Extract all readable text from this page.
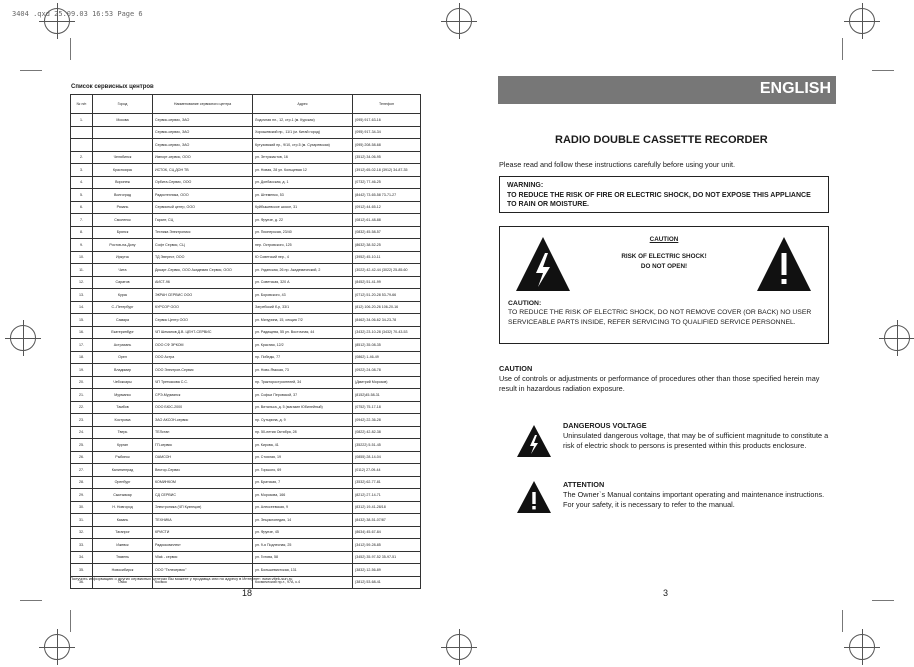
3404 .qxd 25.09.03 16:53 Page 6
Список сервисных центров
№ п/п	Город	Наименование сервисного центра	Адрес	Телефон
1.	Москва	Сервис-сервис, ЗАО	Лодочная пл., 12, стр.1 (м. Курская)	(095) 917-63-16
		Сервис-сервис, ЗАО	Хорошевский пр., 11/1 (м. Китай город)	(095) 917-34-34
		Сервис-сервис, ЗАО	Кутузовский пр., 9/10, стр.5 (м. Сухаревская)	(095) 208-58-68
2.	Челябинск	Импорт-сервис, ООО	ул. Энтузиастов, 16	(3512) 34-06-95
3.	Красноярск	ИСТОК, СЦ ДОН ТВ	ул. Новая, 28 ул. Кольцевая 12	(3912) 65-02-18 (3912) 34-87-35
4.	Воронеж	Орбита-Сервис, ООО	ул. Донбасская, д. 1	(0732) 77-46-25
5.	Волгоград	Радиотехника, ООО	ул. Штеменко, 53	(8442) 73-65-58 73-71-27
6.	Рязань	Сервисный центр, ООО	Куйбышевское шоссе, 31	(0912) 44-65-12
7.	Смоленск	Гарант, СЦ	ул. Фрунзе, д. 22	(0812) 61-48-88
8.	Брянск	Техника Электроникс	ул. Пионерская, 23/40	(0832) 45-58-57
9.	Ростов-на-Дону	Софт Сервис, СЦ	пер. Островского, 125	(8632) 38-52-25
10.	Иркутск	ТД Эверест, ООО	Ю Советский пер., 4	(3952) 45-10-11
11.	Чита	Дикарт-Сервис, ООО Академия Сервис, ООО	ул. Угданская, 26 пр. Академический, 2	(3022) 42-42-44 (3022) 25-85-60
12.	Саратов	АИСТ-96	ул. Советская, 320 А	(8452) 51-41-99
13.	Курск	ЭКРАН СЕРВИС ООО	ул. Боровского, 43	(0712) 51-20-28 53-79-66
14.	С.-Петербург	КУРСОР ООО	Загребский б-р, 33/1	(812) 106-20-26 106-20-16
15.	Самара	Сервис Центр ООО	ул. Мичурина, 15, секция 7/2	(8462) 34-06-62 34-23-78
16.	Екатеринбург	ЧП Шеманов Д.В. ЦЕНТ-СЕРВИС	ул. Радищева, 55 ул. Восточная, 44	(3432) 23-10-28 (3432) 70-43-53
17.	Астрахань	ООО СФ ЭРКОМ	ул. Красная, 12/2	(8512) 35-08-35
18.	Орел	ООО Астра	пр. Победы, 77	(0862) 1-46-49
19.	Владимир	ООО Электрон-Сервис	ул. Ново-Ямская, 73	(0922) 24-08-78
20.	Чебоксары	ЧП Третьякова С.С.	пр. Тракторостроителей, 34	(Дмитрий Морозов)
21.	Мурманск	СРЭ-Мурманск	ул. Софьи Перовской, 37	(8152)45-58-31
22.	Тамбов	ООО БЮС-2000	ул. Витальса, д. 5 (магазин Юбилейный)	(0752) 75-17-18
23.	Кострома	ЗАО АКСОН-сервис	пр. Сутырина, д. 9	(0942) 22-36-28
24.	Тверь	ТЕЛстан	пр. 50-летия Октября, 28	(0822) 42-82-38
25.	Курган	ГП-сервис	ул. Кирова, 41	(35222) 5-51-45
26.	Рыбинск	ОАМСОН	ул. Стоялая, 19	(0855) 28-14-04
27.	Калининград	Вектор-Сервис	ул. Горького, 69	(0112) 27-09-44
28.	Оренбург	КОМИНКОМ	ул. Братская, 7	(3532) 62-77-81
29.	Сыктывкар	СД СЕРВИС	ул. Морозова, 166	(8212) 27-14-71
30.	Н. Новгород	Электроника (ЧП Кузнецов)	ул. Алексеевская, 9	(8312) 19-41-28/18
31.	Казань	ТЕХНИКА	ул. Энциклопедия, 14	(8432) 38-51-07/87
32.	Таганрог	КРИСТИ	ул. Фрунзе, 45	(8634) 45-67-84
33.	Ижевск	Радиокомплект	ул. 9-я Подлесная, 25	(3412) 59-28-85
34.	Тюмень	Vilak - сервис	ул. Гитова, 58	(3452) 35-97-52 35-97-51
35.	Новосибирск	ООО "Телесервис"	ул. Большевистская, 131	(3832) 12-56-89
36.	Омск	Космос	Космический пр-т., 97А, к.4	(3812) 53-68-41
Получить информацию о других сервисных центрах Вы можете у продавца или по адресу в Интернет: www.vitek-sun.ru
18
ENGLISH
RADIO DOUBLE CASSETTE RECORDER
Please read and follow these instructions carefully before using your unit.
WARNING:
TO REDUCE THE RISK OF FIRE OR ELECTRIC SHOCK, DO NOT EXPOSE THIS APPLIANCE TO RAIN OR MOISTURE.
CAUTION
RISK OF ELECTRIC SHOCK!
DO NOT OPEN!
CAUTION:
TO REDUCE THE RISK OF ELECTRIC SHOCK, DO NOT REMOVE COVER (OR BACK) NO USER SERVICEABLE PARTS INSIDE, REFER SERVICING TO QUALIFIED SERVICE PERSONNEL.
CAUTION
Use of controls or adjustments or performance of procedures other than those specified herein may result in hazardous radiation exposure.
DANGEROUS VOLTAGE
Uninsulated dangerous voltage, that may be of sufficient magnitude to constitute a risk of electric shock to persons is presented within this products enclosure.
ATTENTION
The Owner`s Manual contains important operating and maintenance instructions. For your safety, it is necessary to refer to the manual.
3
